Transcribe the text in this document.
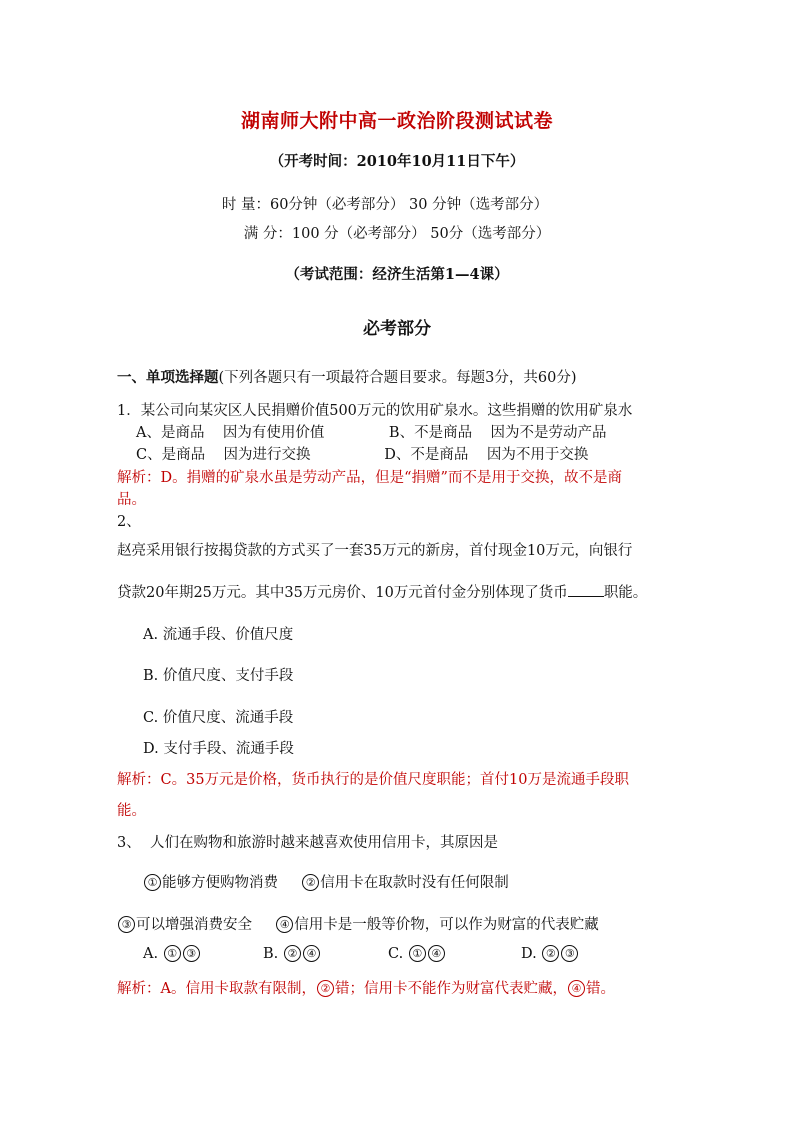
湖南师大附中高一政治阶段测试试卷
（开考时间：2010年10月11日下午）
时 量：60分钟（必考部分） 30 分钟（选考部分）
满 分：100 分（必考部分） 50分（选考部分）
（考试范围：经济生活第1—4课）
必考部分
一、单项选择题(下列各题只有一项最符合题目要求。每题3分，共60分)
1．某公司向某灾区人民捐赠价值500万元的饮用矿泉水。这些捐赠的饮用矿泉水
A、是商品    因为有使用价值              B、不是商品    因为不是劳动产品
C、是商品    因为进行交换                D、不是商品    因为不用于交换
解析：D。捐赠的矿泉水虽是劳动产品，但是“捐赠”而不是用于交换，故不是商
品。
2、
赵亮采用银行按揭贷款的方式买了一套35万元的新房，首付现金10万元，向银行
贷款20年期25万元。其中35万元房价、10万元首付金分别体现了货币 职能。
A. 流通手段、价值尺度
B. 价值尺度、支付手段
C. 价值尺度、流通手段
D. 支付手段、流通手段
解析：C。35万元是价格，货币执行的是价值尺度职能；首付10万是流通手段职
能。
3、  人们在购物和旅游时越来越喜欢使用信用卡，其原因是
① 能够方便购物消费	② 信用卡在取款时没有任何限制
③ 可以增强消费安全	④ 信用卡是一般等价物，可以作为财富的代表贮藏
A. ① ③	B. ② ④	C. ① ④	D. ② ③
解析：A。信用卡取款有限制， ② 错；信用卡不能作为财富代表贮藏， ④ 错。
